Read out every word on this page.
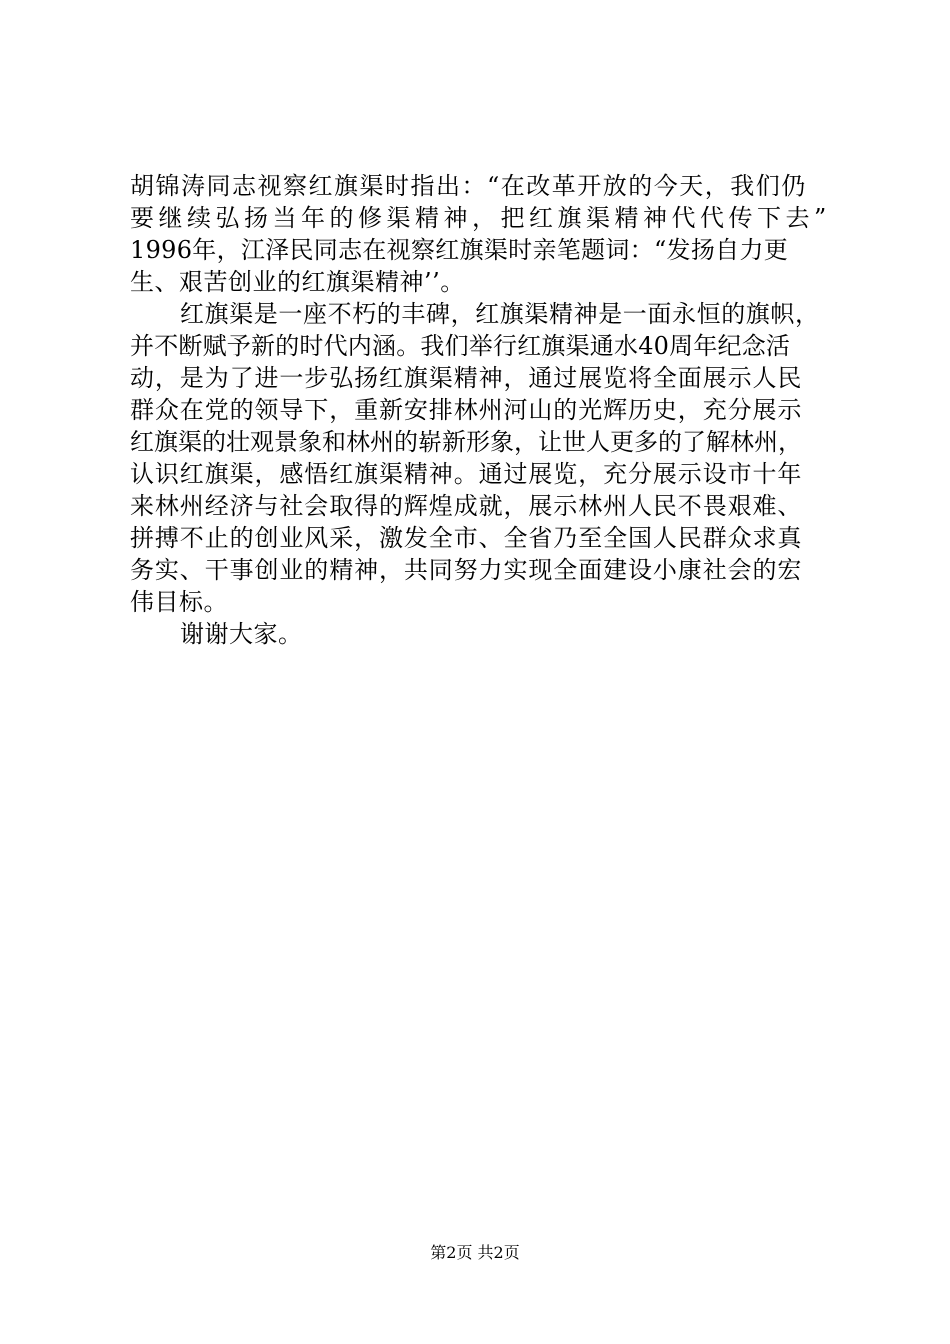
胡锦涛同志视察红旗渠时指出：“在改革开放的今天，我们仍
要继续弘扬当年的修渠精神，把红旗渠精神代代传下去”
1996年，江泽民同志在视察红旗渠时亲笔题词：“发扬自力更
生、艰苦创业的红旗渠精神’’。
红旗渠是一座不朽的丰碑，红旗渠精神是一面永恒的旗帜，
并不断赋予新的时代内涵。我们举行红旗渠通水40周年纪念活
动，是为了进一步弘扬红旗渠精神，通过展览将全面展示人民
群众在党的领导下，重新安排林州河山的光辉历史，充分展示
红旗渠的壮观景象和林州的崭新形象，让世人更多的了解林州，
认识红旗渠，感悟红旗渠精神。通过展览，充分展示设市十年
来林州经济与社会取得的辉煌成就，展示林州人民不畏艰难、
拼搏不止的创业风采，激发全市、全省乃至全国人民群众求真
务实、干事创业的精神，共同努力实现全面建设小康社会的宏
伟目标。
谢谢大家。
第2页 共2页
